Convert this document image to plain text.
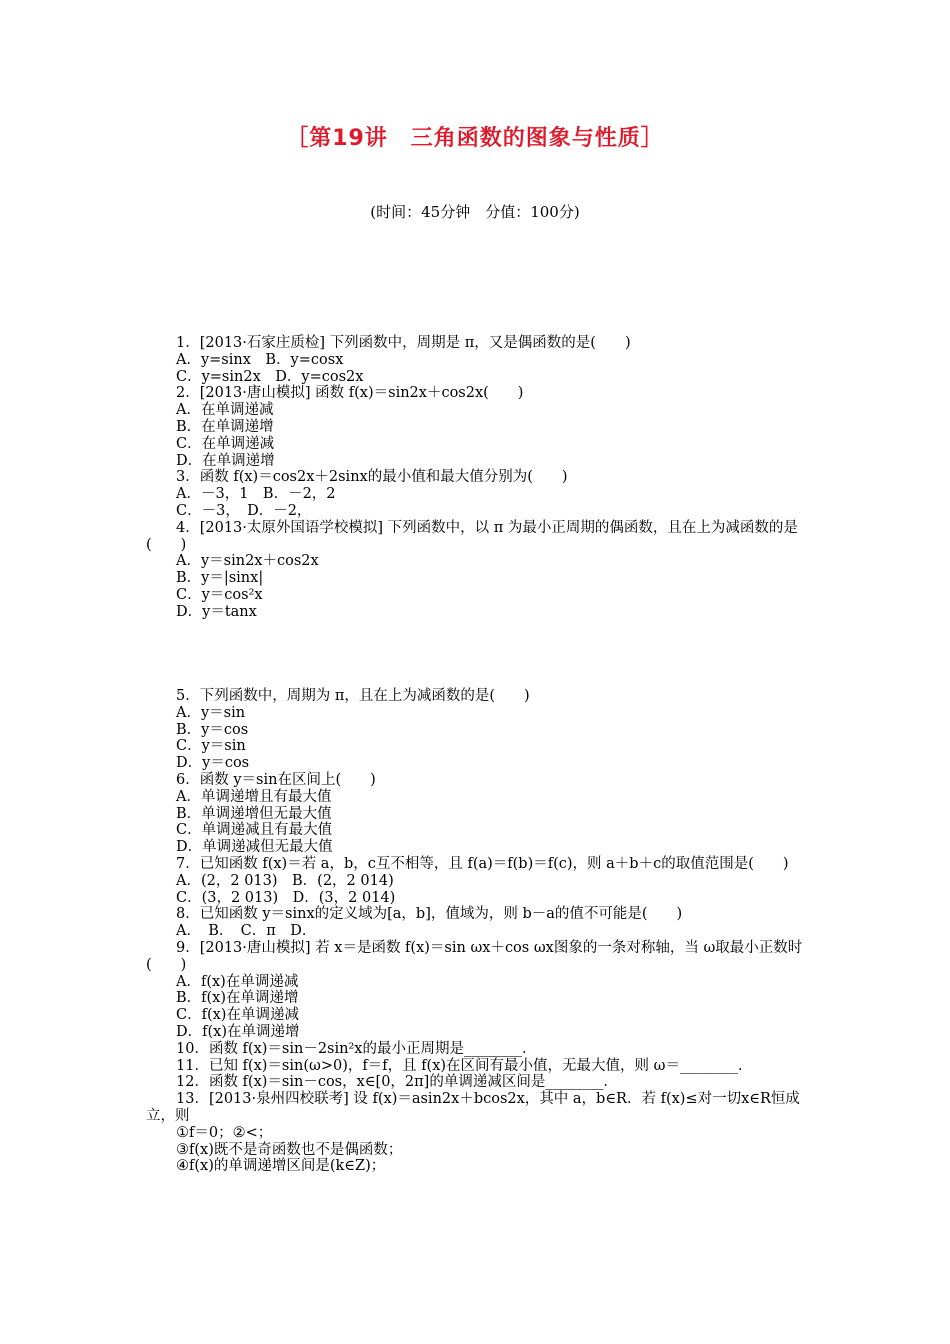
［第19讲　三角函数的图象与性质］
(时间：45分钟　分值：100分)
1．[2013·石家庄质检] 下列函数中，周期是 π，又是偶函数的是(　　)
A．y=sinx　B．y=cosx
C．y=sin2x　D．y=cos2x
2．[2013·唐山模拟] 函数 f(x)＝sin2x＋cos2x(　　)
A．在单调递减
B．在单调递增
C．在单调递减
D．在单调递增
3．函数 f(x)＝cos2x＋2sinx的最小值和最大值分别为(　　)
A．－3，1　B．－2，2
C．－3，　D．－2，
4．[2013·太原外国语学校模拟] 下列函数中，以 π 为最小正周期的偶函数，且在上为减函数的是(　　)
A．y＝sin2x＋cos2x
B．y＝|sinx|
C．y＝cos²x
D．y＝tanx
5．下列函数中，周期为 π，且在上为减函数的是(　　)
A．y＝sin
B．y＝cos
C．y＝sin
D．y＝cos
6．函数 y＝sin在区间上(　　)
A．单调递增且有最大值
B．单调递增但无最大值
C．单调递减且有最大值
D．单调递减但无最大值
7．已知函数 f(x)＝若 a，b，c互不相等，且 f(a)＝f(b)＝f(c)，则 a＋b＋c的取值范围是(　　)
A．(2，2 013)　B．(2，2 014)
C．(3，2 013)　D．(3，2 014)
8．已知函数 y＝sinx的定义域为[a，b]，值域为，则 b－a的值不可能是(　　)
A．　B．　C．π　D．
9．[2013·唐山模拟] 若 x＝是函数 f(x)＝sin ωx＋cos ωx图象的一条对称轴，当 ω取最小正数时(　　)
A．f(x)在单调递减
B．f(x)在单调递增
C．f(x)在单调递减
D．f(x)在单调递增
10．函数 f(x)＝sin－2sin²x的最小正周期是________．
11．已知 f(x)＝sin(ω>0)，f＝f，且 f(x)在区间有最小值，无最大值，则 ω＝________．
12．函数 f(x)＝sin－cos，x∈[0，2π]的单调递减区间是________．
13．[2013·泉州四校联考] 设 f(x)＝asin2x＋bcos2x，其中 a，b∈R．若 f(x)≤对一切x∈R恒成立，则
①f＝0；②<；
③f(x)既不是奇函数也不是偶函数；
④f(x)的单调递增区间是(k∈Z)；
